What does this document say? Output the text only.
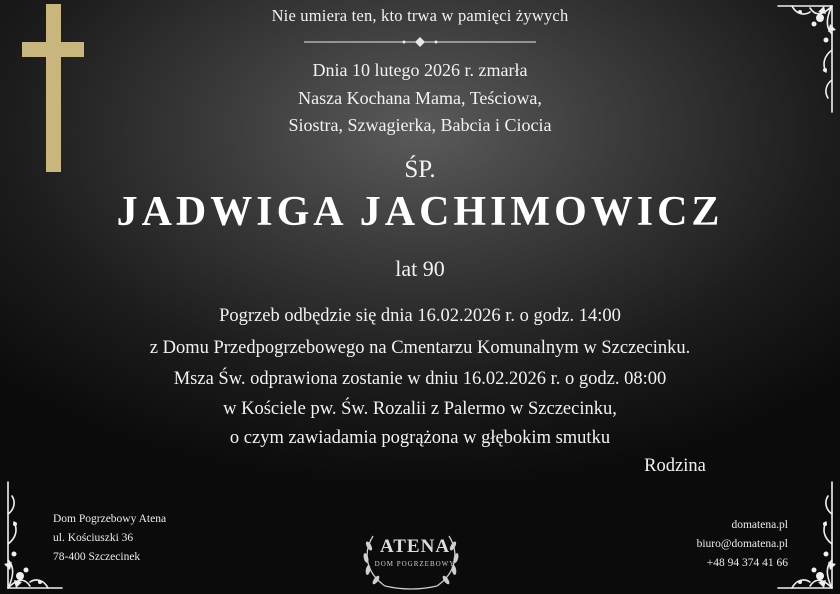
Nie umiera ten, kto trwa w pamięci żywych
Dnia 10 lutego 2026 r. zmarła
Nasza Kochana Mama, Teściowa,
Siostra, Szwagierka, Babcia i Ciocia
ŚP.
JADWIGA JACHIMOWICZ
lat 90
Pogrzeb odbędzie się dnia 16.02.2026 r. o godz. 14:00
z Domu Przedpogrzebowego na Cmentarzu Komunalnym w Szczecinku.
Msza Św. odprawiona zostanie w dniu 16.02.2026 r. o godz. 08:00
w Kościele pw. Św. Rozalii z Palermo w Szczecinku,
o czym zawiadamia pogrążona w głębokim smutku
Rodzina
Dom Pogrzebowy Atena
ul. Kościuszki 36
78-400 Szczecinek
domatena.pl
biuro@domatena.pl
+48 94 374 41 66
ATENA
DOM POGRZEBOWY
